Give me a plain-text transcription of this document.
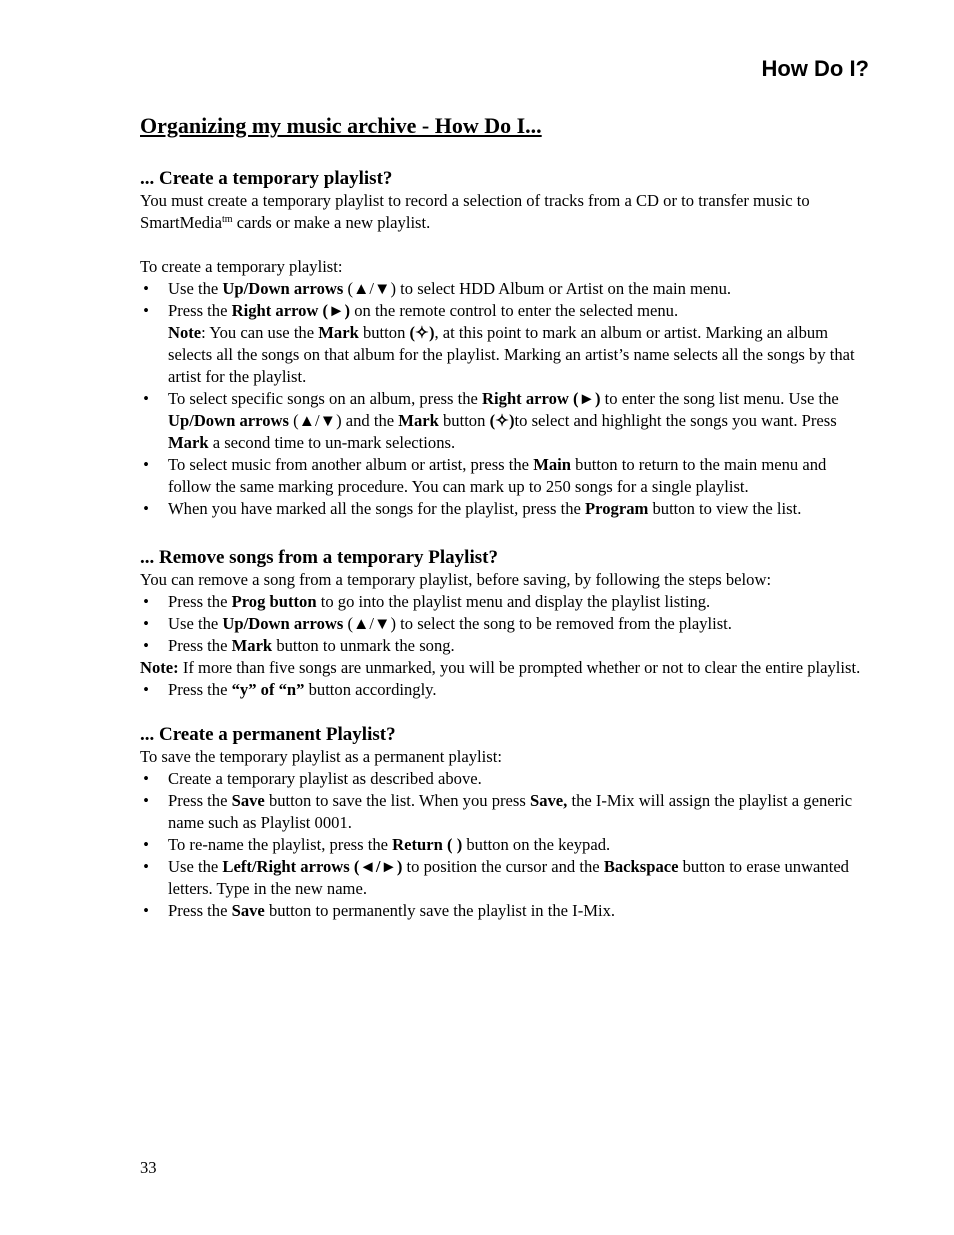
How Do I?
Organizing my music archive - How Do I...
... Create a temporary playlist?

You must create a temporary playlist to record a selection of tracks from a CD or to transfer music to SmartMedia$^{tm}$ cards or make a new playlist.

To create a temporary playlist:

• Use the Up/Down arrows (▲/▼) to select HDD Album or Artist on the main menu.
• Press the Right arrow (►) on the remote control to enter the selected menu.
Note: You can use the Mark button (✧), at this point to mark an album or artist. Marking an album selects all the songs on that album for the playlist. Marking an artist’s name selects all the songs by that artist for the playlist.
• To select specific songs on an album, press the Right arrow (►) to enter the song list menu. Use the Up/Down arrows (▲/▼) and the Mark button (✧)to select and highlight the songs you want. Press Mark a second time to un-mark selections.
• To select music from another album or artist, press the Main button to return to the main menu and follow the same marking procedure. You can mark up to 250 songs for a single playlist.
• When you have marked all the songs for the playlist, press the Program button to view the list.
... Remove songs from a temporary Playlist?

You can remove a song from a temporary playlist, before saving, by following the steps below:

• Press the Prog button to go into the playlist menu and display the playlist listing.
• Use the Up/Down arrows (▲/▼) to select the song to be removed from the playlist.
• Press the Mark button to unmark the song.

Note: If more than five songs are unmarked, you will be prompted whether or not to clear the entire playlist.

• Press the “y” of “n” button accordingly.
... Create a permanent Playlist?

To save the temporary playlist as a permanent playlist:

• Create a temporary playlist as described above.
• Press the Save button to save the list. When you press Save, the I-Mix will assign the playlist a generic name such as Playlist 0001.
• To re-name the playlist, press the Return ( ) button on the keypad.
• Use the Left/Right arrows (◄/►) to position the cursor and the Backspace button to erase unwanted letters. Type in the new name.
• Press the Save button to permanently save the playlist in the I-Mix.
33
